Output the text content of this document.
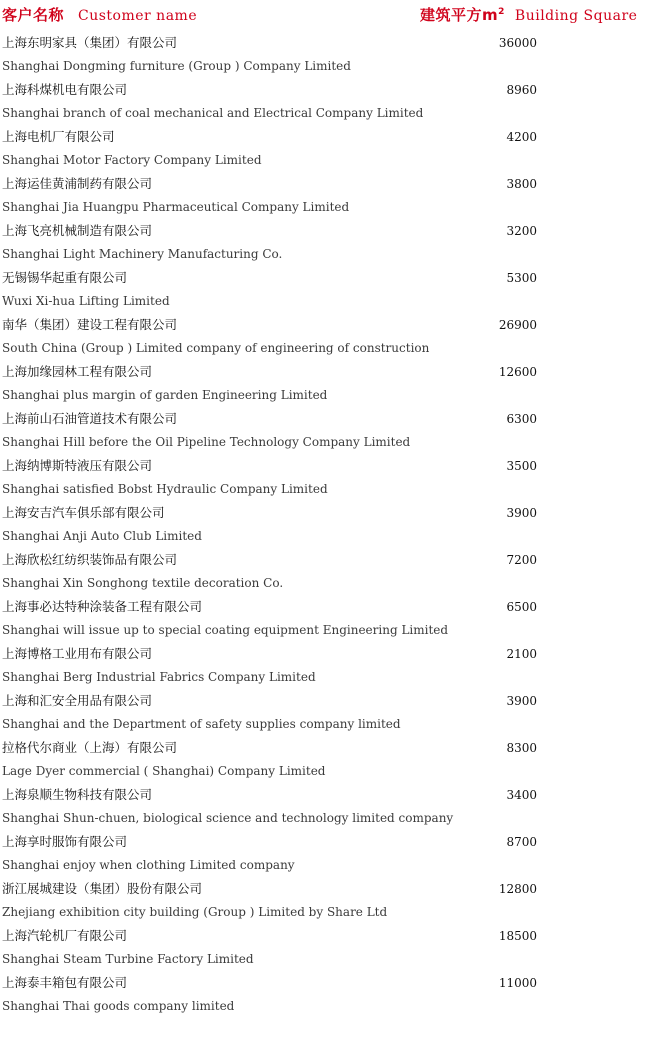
客户名称 Customer name	建筑平方$m^2$ Building Square
上海东明家具（集团）有限公司	36000
Shanghai Dongming furniture (Group ) Company Limited
上海科煤机电有限公司	8960
Shanghai branch of coal mechanical and Electrical Company Limited
上海电机厂有限公司	4200
Shanghai Motor Factory Company Limited
上海运佳黄浦制药有限公司	3800
Shanghai Jia Huangpu Pharmaceutical Company Limited
上海飞亮机械制造有限公司	3200
Shanghai Light Machinery Manufacturing Co.
无锡锡华起重有限公司	5300
Wuxi Xi-hua Lifting Limited
南华（集团）建设工程有限公司	26900
South China (Group ) Limited company of engineering of construction
上海加缘园林工程有限公司	12600
Shanghai plus margin of garden Engineering Limited
上海前山石油管道技术有限公司	6300
Shanghai Hill before the Oil Pipeline Technology Company Limited
上海纳博斯特液压有限公司	3500
Shanghai satisfied Bobst Hydraulic Company Limited
上海安吉汽车俱乐部有限公司	3900
Shanghai Anji Auto Club Limited
上海欣松红纺织装饰品有限公司	7200
Shanghai Xin Songhong textile decoration Co.
上海事必达特种涂装备工程有限公司	6500
Shanghai will issue up to special coating equipment Engineering Limited
上海博格工业用布有限公司	2100
Shanghai Berg Industrial Fabrics Company Limited
上海和汇安全用品有限公司	3900
Shanghai and the Department of safety supplies company limited
拉格代尔商业（上海）有限公司	8300
Lage Dyer commercial ( Shanghai) Company Limited
上海泉顺生物科技有限公司	3400
Shanghai Shun-chuen, biological science and technology limited company
上海享时服饰有限公司	8700
Shanghai enjoy when clothing Limited company
浙江展城建设（集团）股份有限公司	12800
Zhejiang exhibition city building (Group ) Limited by Share Ltd
上海汽轮机厂有限公司	18500
Shanghai Steam Turbine Factory Limited
上海泰丰箱包有限公司	11000
Shanghai Thai goods company limited
